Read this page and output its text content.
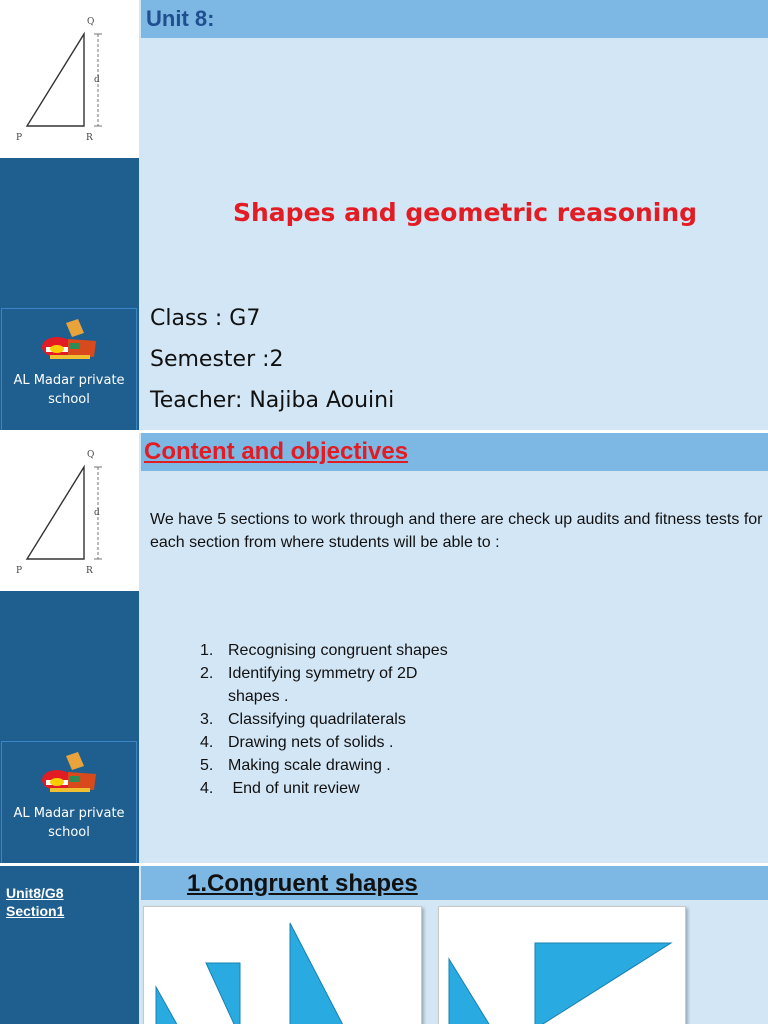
Q
P	R
d
Unit 8:
Shapes and geometric reasoning
AL Madar private school
Class : G7
Semester :2
Teacher: Najiba Aouini
Q
P	R
d
Content and objectives
We have 5 sections to work through and there are check up audits and fitness tests for each section from where students will be able to :
1. Recognising congruent shapes
2. Identifying symmetry of 2D shapes .
3. Classifying quadrilaterals
4. Drawing nets of solids .
5. Making scale drawing .
4. End of unit review
AL Madar private school
Unit8/G8
Section1
1.Congruent shapes
